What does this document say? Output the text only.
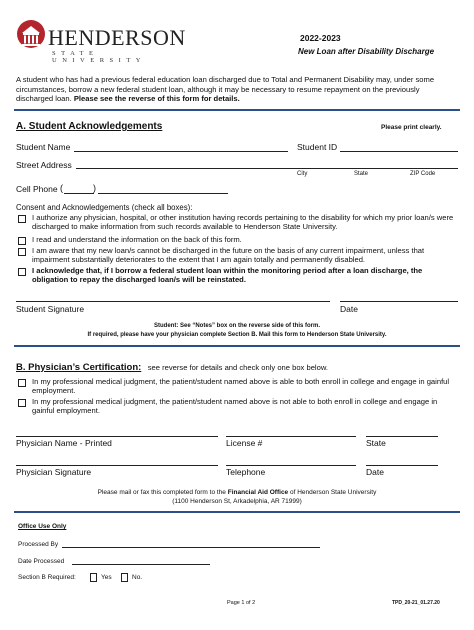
HENDERSON
STATE UNIVERSITY
2022-2023
New Loan after Disability Discharge
A student who has had a previous federal education loan discharged due to Total and Permanent Disability may, under some circumstances, borrow a new federal student loan, although it may be necessary to resume repayment on the previously discharged loan. Please see the reverse of this form for details.
A. Student Acknowledgements	Please print clearly.
Student Name	Student ID
Street Address
City	State	ZIP Code
Cell Phone (	)
Consent and Acknowledgements (check all boxes):
I authorize any physician, hospital, or other institution having records pertaining to the disability for which my prior loan/s were discharged to make information from such records available to Henderson State University.
I read and understand the information on the back of this form.
I am aware that my new loan/s cannot be discharged in the future on the basis of any current impairment, unless that impairment substantially deteriorates to the extent that I am again totally and permanently disabled.
I acknowledge that, if I borrow a federal student loan within the monitoring period after a loan discharge, the obligation to repay the discharged loan/s will be reinstated.
Student Signature	Date
Student: See “Notes” box on the reverse side of this form.
If required, please have your physician complete Section B. Mail this form to Henderson State University.
B. Physician’s Certification: see reverse for details and check only one box below.
In my professional medical judgment, the patient/student named above is able to both enroll in college and engage in gainful employment.
In my professional medical judgment, the patient/student named above is not able to both enroll in college and engage in gainful employment.
Physician Name - Printed	License #	State
Physician Signature	Telephone	Date
Please mail or fax this completed form to the Financial Aid Office of Henderson State University
(1100 Henderson St, Arkadelphia, AR 71999)
Office Use Only
Processed By
Date Processed
Section B Required:	Yes	No.
Page 1 of 2	TPD_20-21_01.27.20
